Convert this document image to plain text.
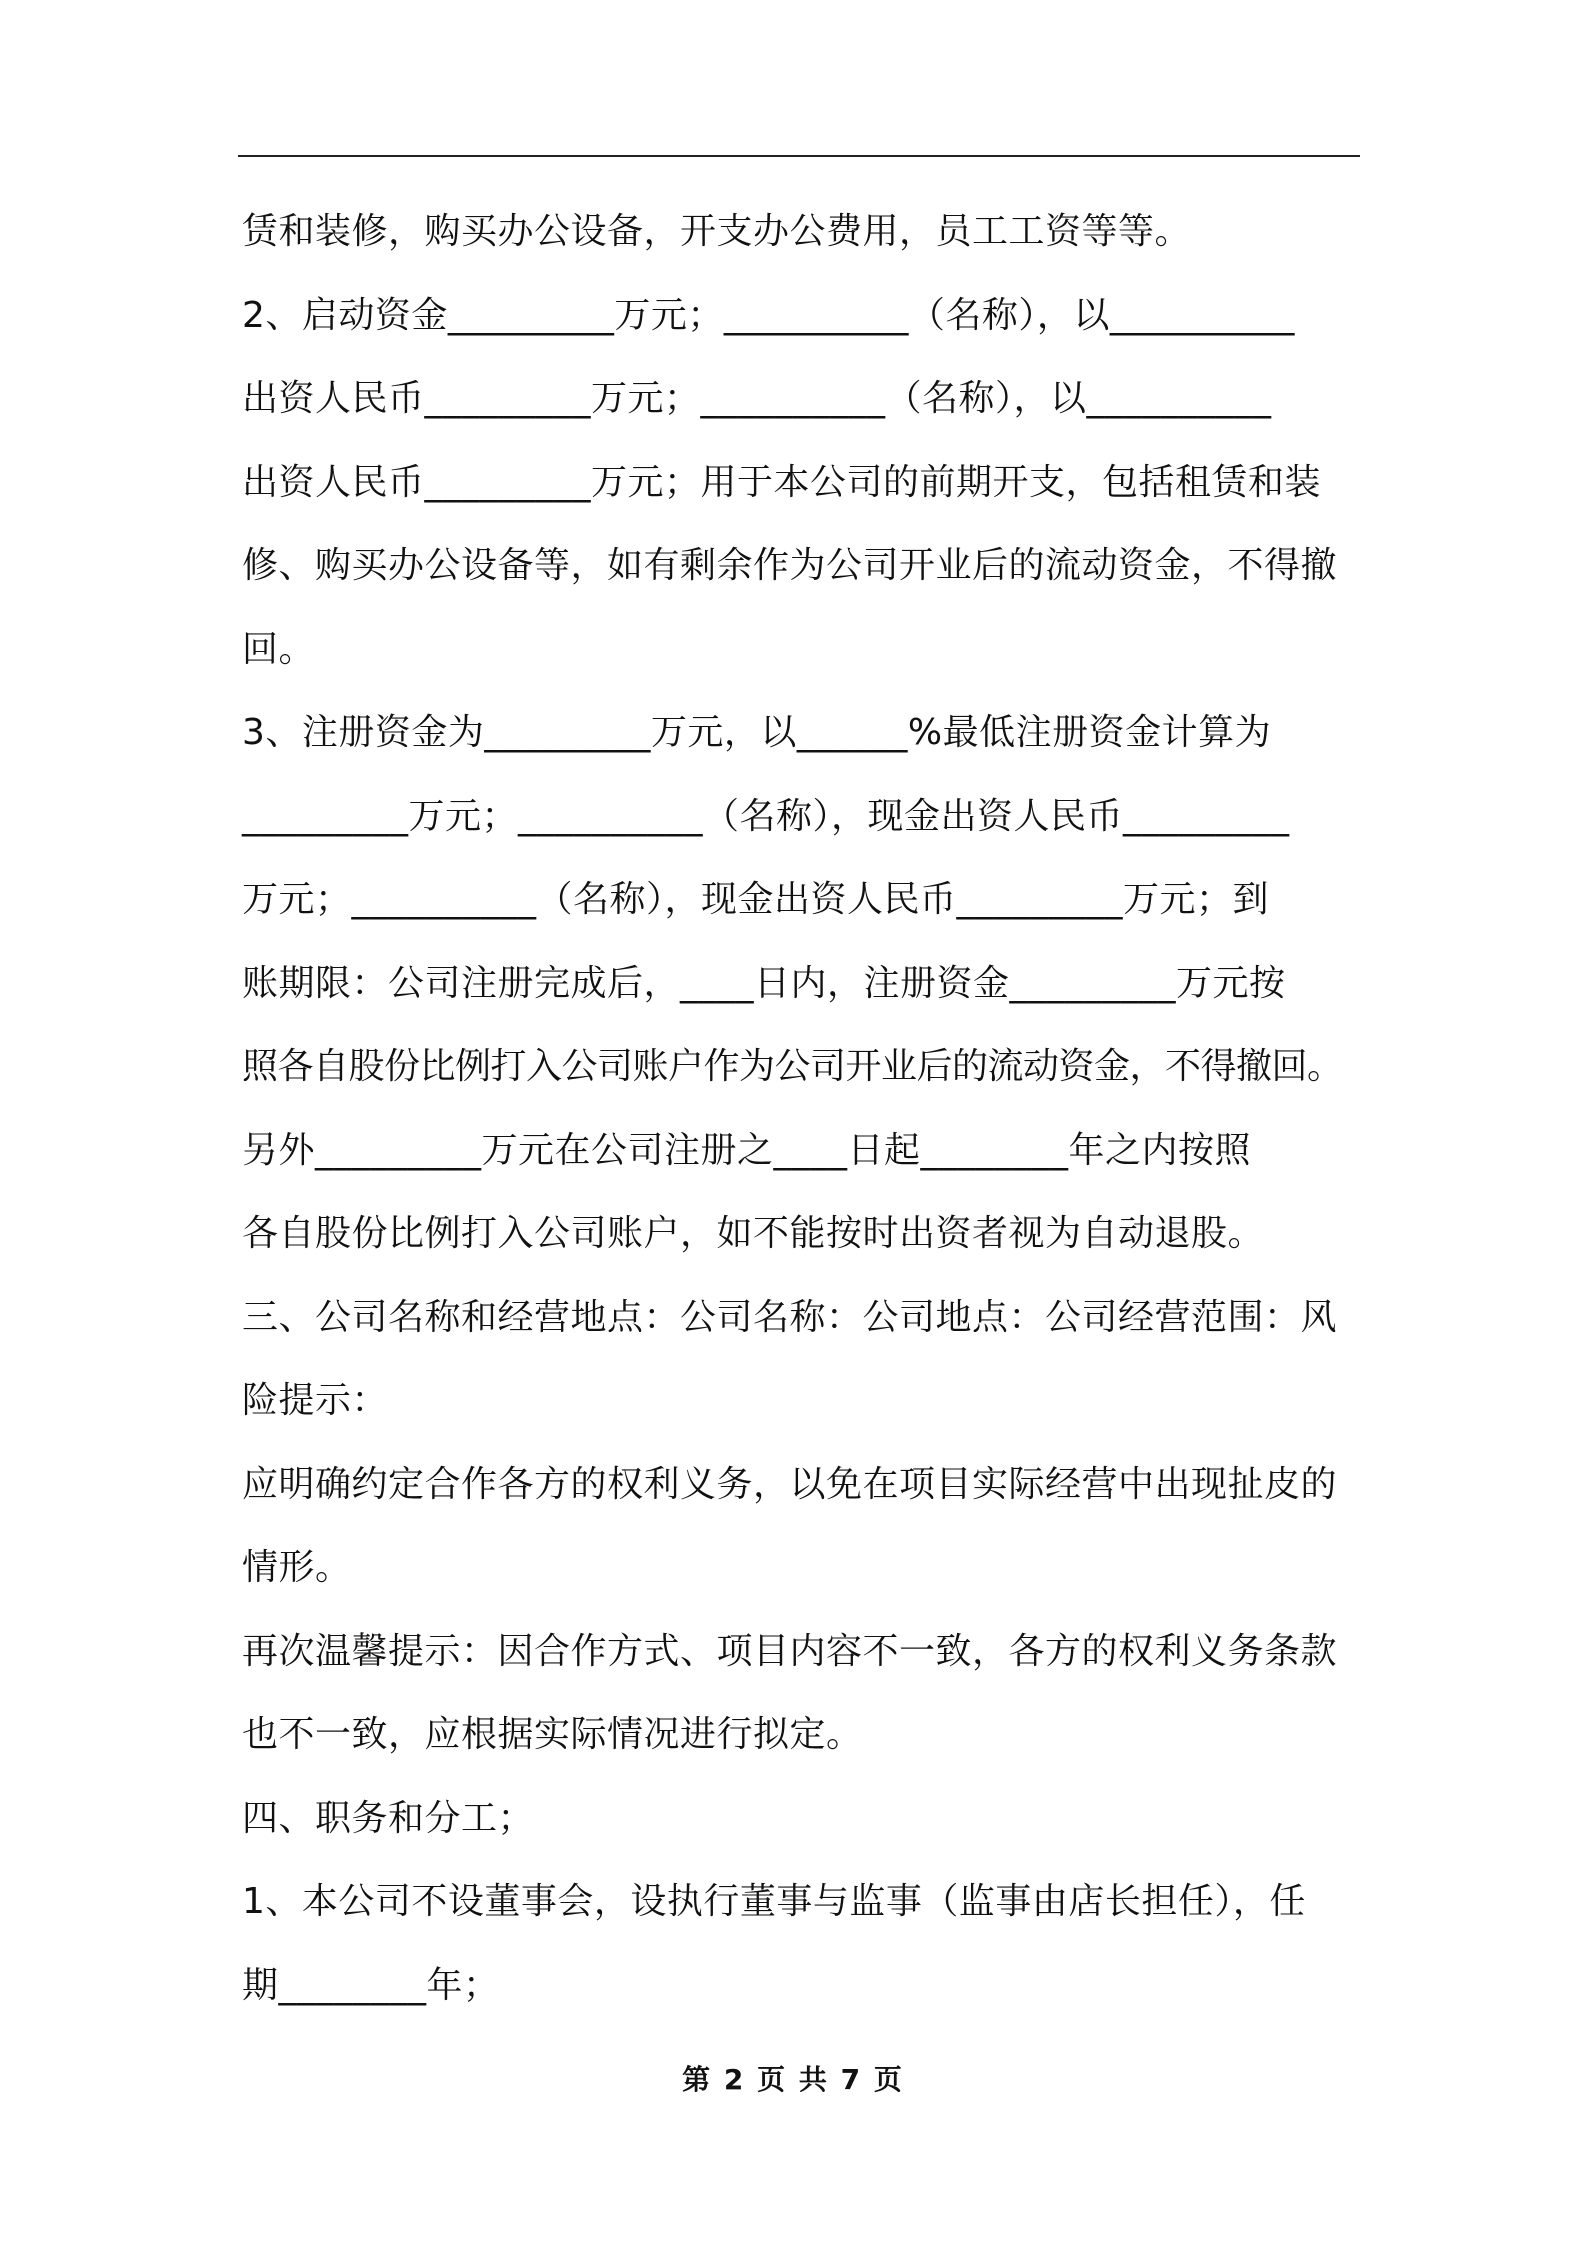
赁和装修，购买办公设备，开支办公费用，员工工资等等。
2、启动资金_________万元；__________（名称），以__________
出资人民币_________万元；__________（名称），以__________
出资人民币_________万元；用于本公司的前期开支，包括租赁和装
修、购买办公设备等，如有剩余作为公司开业后的流动资金，不得撤
回。
3、注册资金为_________万元，以______%最低注册资金计算为
_________万元；__________（名称），现金出资人民币_________
万元；__________（名称），现金出资人民币_________万元；到
账期限：公司注册完成后，____日内，注册资金_________万元按
照各自股份比例打入公司账户作为公司开业后的流动资金，不得撤回。
另外_________万元在公司注册之____日起________年之内按照
各自股份比例打入公司账户，如不能按时出资者视为自动退股。
三、公司名称和经营地点：公司名称：公司地点：公司经营范围：风
险提示：
应明确约定合作各方的权利义务，以免在项目实际经营中出现扯皮的
情形。
再次温馨提示：因合作方式、项目内容不一致，各方的权利义务条款
也不一致，应根据实际情况进行拟定。
四、职务和分工；
1、本公司不设董事会，设执行董事与监事（监事由店长担任），任
期________年；
第 2 页 共 7 页
